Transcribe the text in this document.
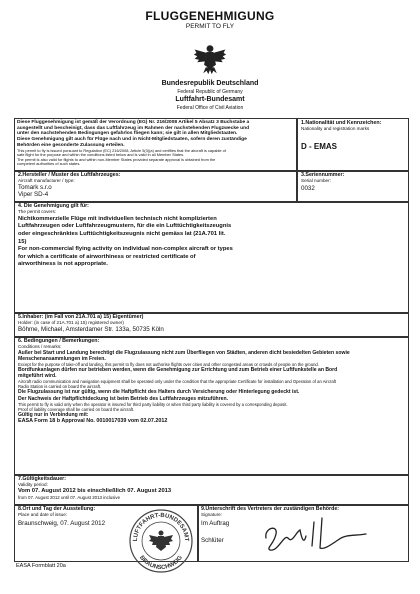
FLUGGENEHMIGUNG
PERMIT TO FLY
Bundesrepublik Deutschland
Federal Republic of Germany
Luftfahrt-Bundesamt
Federal Office of Civil Aviation
Diese Fluggenehmigung ist gemäß der Verordnung (EG) Nr. 216/2008 Artikel 5 Absatz 3 Buchstabe a
ausgestellt und bescheinigt, dass das Luftfahrzeug im Rahmen der nachstehenden Flugzwecke und
unter den nachstehenden Bedingungen gefahrlos fliegen kann; sie gilt in allen Mitgliedstaaten.
Diese Genehmigung gilt auch für Flüge nach und in Nicht-Mitgliedstaaten, sofern deren zuständige
Behörden eine gesonderte Zulassung erteilen.
This permit to fly is issued pursuant to Regulation (EC) 216/2008, Article 5(3)(a) and certifies that the aircraft is capable of
safe flight for the purpose and within the conditions listed below and is valid in all Member States.
The permit is also valid for flights to and within non-Member States provided separate approval is obtained from the
competent authorities of such states.
1.Nationalität und Kennzeichen:
Nationality and registration marks
D - EMAS
2.Hersteller / Muster des Luftfahrzeuges:
Aircraft manufacturer / type:
Tomark s.r.o
Viper SD-4
3.Seriennummer:
Serial number:
0032
4. Die Genehmigung gilt für:
The permit covers:
Nichtkommerzielle Flüge mit individuellen technisch nicht komplizierten
Luftfahrzeugen oder Luftfahrzeugmustern, für die ein Lufttüchtigkeitszeugnis
oder eingeschränktes Lufttüchtigkeitszeugnis nicht gemäss lat (21A.701 lit.
15)
For non-commercial flying activity on individual non-complex aircraft or types
for which a certificate of airworthiness or restricted certificate of
airworthiness is not appropriate.
5.Inhaber: (im Fall von 21A.701 a) 15) Eigentümer)
Holder: (in case of 21A.701 a) 15) registered owner)
Böhme, Michael, Amsterdamer Str. 133a, 50735 Köln
6. Bedingungen / Bemerkungen:
Conditions / remarks:
Außer bei Start und Landung berechtigt die Flugzulassung nicht zum Überfliegen von Städten, anderen dicht besiedelten Gebieten sowie
Menschenansammlungen im Freien.
Except for the purpose of take-off and landing, this permit to fly does not authorise flights over cities and other congested areas or crowds of people on the ground.
Bordfunkanlagen dürfen nur betrieben werden, wenn die Genehmigung zur Errichtung und zum Betrieb einer Luftfunkstelle an Bord
mitgeführt wird.
Aircraft radio communication and navigation equipment shall be operated only under the condition that the appropriate Certificate for installation and Operation of an Aircraft
Radio Station is carried on board the aircraft.
Die Flugzulassung ist nur gültig, wenn die Haftpflicht des Halters durch Versicherung oder Hinterlegung gedeckt ist.
Der Nachweis der Haftpflichtdeckung ist beim Betrieb des Luftfahrzeuges mitzuführen.
This permit to fly is valid only when the operator is insured for third party liability or when third party liability is covered by a corresponding deposit.
Proof of liability coverage shall be carried on board the aircraft.
Gültig nur in Verbindung mit:
EASA Form 18 b Approval No. 0010017039 vom 02.07.2012
7.Gültigkeitsdauer:
Validity period:
Vom 07. August 2012 bis einschließlich 07. August 2013
from 07. August 2012 until 07. August 2013 inclusive
8.Ort und Tag der Ausstellung:
Place and date of issue:
Braunschweig, 07. August 2012
LUFTFAHRT-BUNDESAMT
BRAUNSCHWEIG
9.Unterschrift des Vertreters der zuständigen Behörde:
Signature:
Im Auftrag
Schlüter
EASA Formblatt 20a
